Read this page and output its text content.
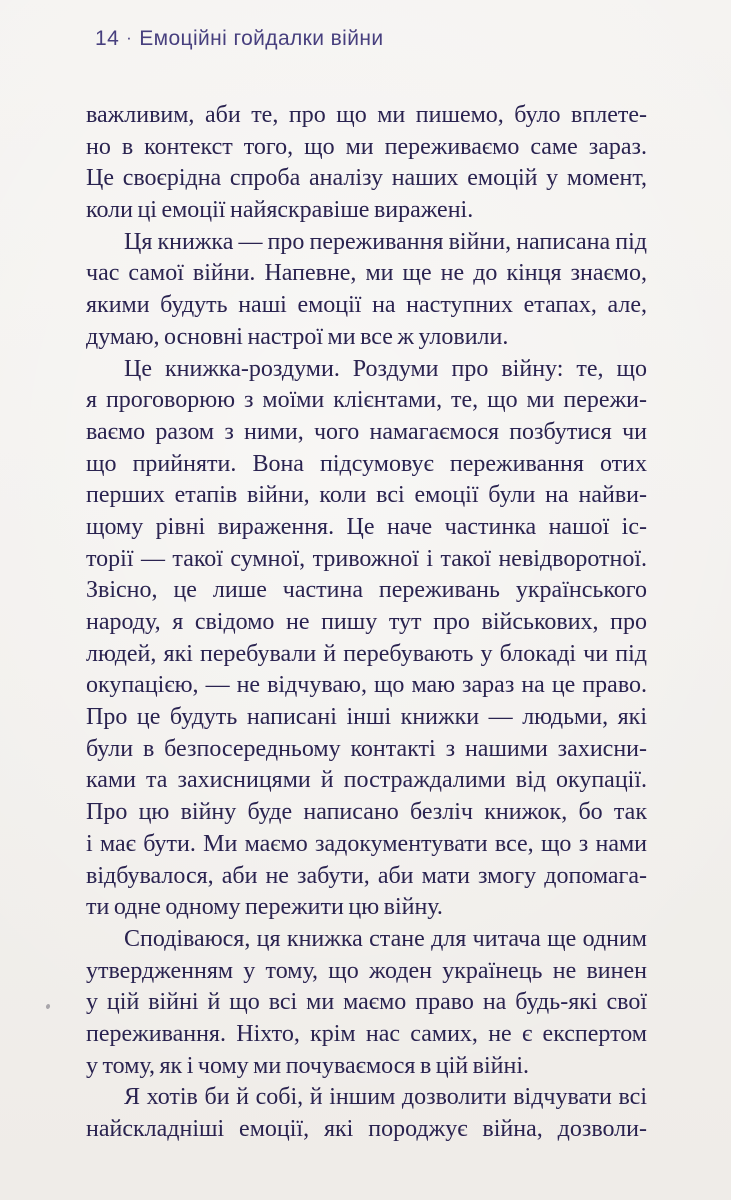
14 · Емоційні гойдалки війни
важливим, аби те, про що ми пишемо, було вплете-
но в контекст того, що ми переживаємо саме зараз.
Це своєрідна спроба аналізу наших емоцій у момент,
коли ці емоції найяскравіше виражені.
Ця книжка — про переживання війни, написана під
час самої війни. Напевне, ми ще не до кінця знаємо,
якими будуть наші емоції на наступних етапах, але,
думаю, основні настрої ми все ж уловили.
Це книжка-роздуми. Роздуми про війну: те, що
я проговорюю з моїми клієнтами, те, що ми пережи-
ваємо разом з ними, чого намагаємося позбутися чи
що прийняти. Вона підсумовує переживання отих
перших етапів війни, коли всі емоції були на найви-
щому рівні вираження. Це наче частинка нашої іс-
торії — такої сумної, тривожної і такої невідворотної.
Звісно, це лише частина переживань українського
народу, я свідомо не пишу тут про військових, про
людей, які перебували й перебувають у блокаді чи під
окупацією, — не відчуваю, що маю зараз на це право.
Про це будуть написані інші книжки — людьми, які
були в безпосередньому контакті з нашими захисни-
ками та захисницями й постраждалими від окупації.
Про цю війну буде написано безліч книжок, бо так
і має бути. Ми маємо задокументувати все, що з нами
відбувалося, аби не забути, аби мати змогу допомага-
ти одне одному пережити цю війну.
Сподіваюся, ця книжка стане для читача ще одним
утвердженням у тому, що жоден українець не винен
у цій війні й що всі ми маємо право на будь-які свої
переживання. Ніхто, крім нас самих, не є експертом
у тому, як і чому ми почуваємося в цій війні.
Я хотів би й собі, й іншим дозволити відчувати всі
найскладніші емоції, які породжує війна, дозволи-
